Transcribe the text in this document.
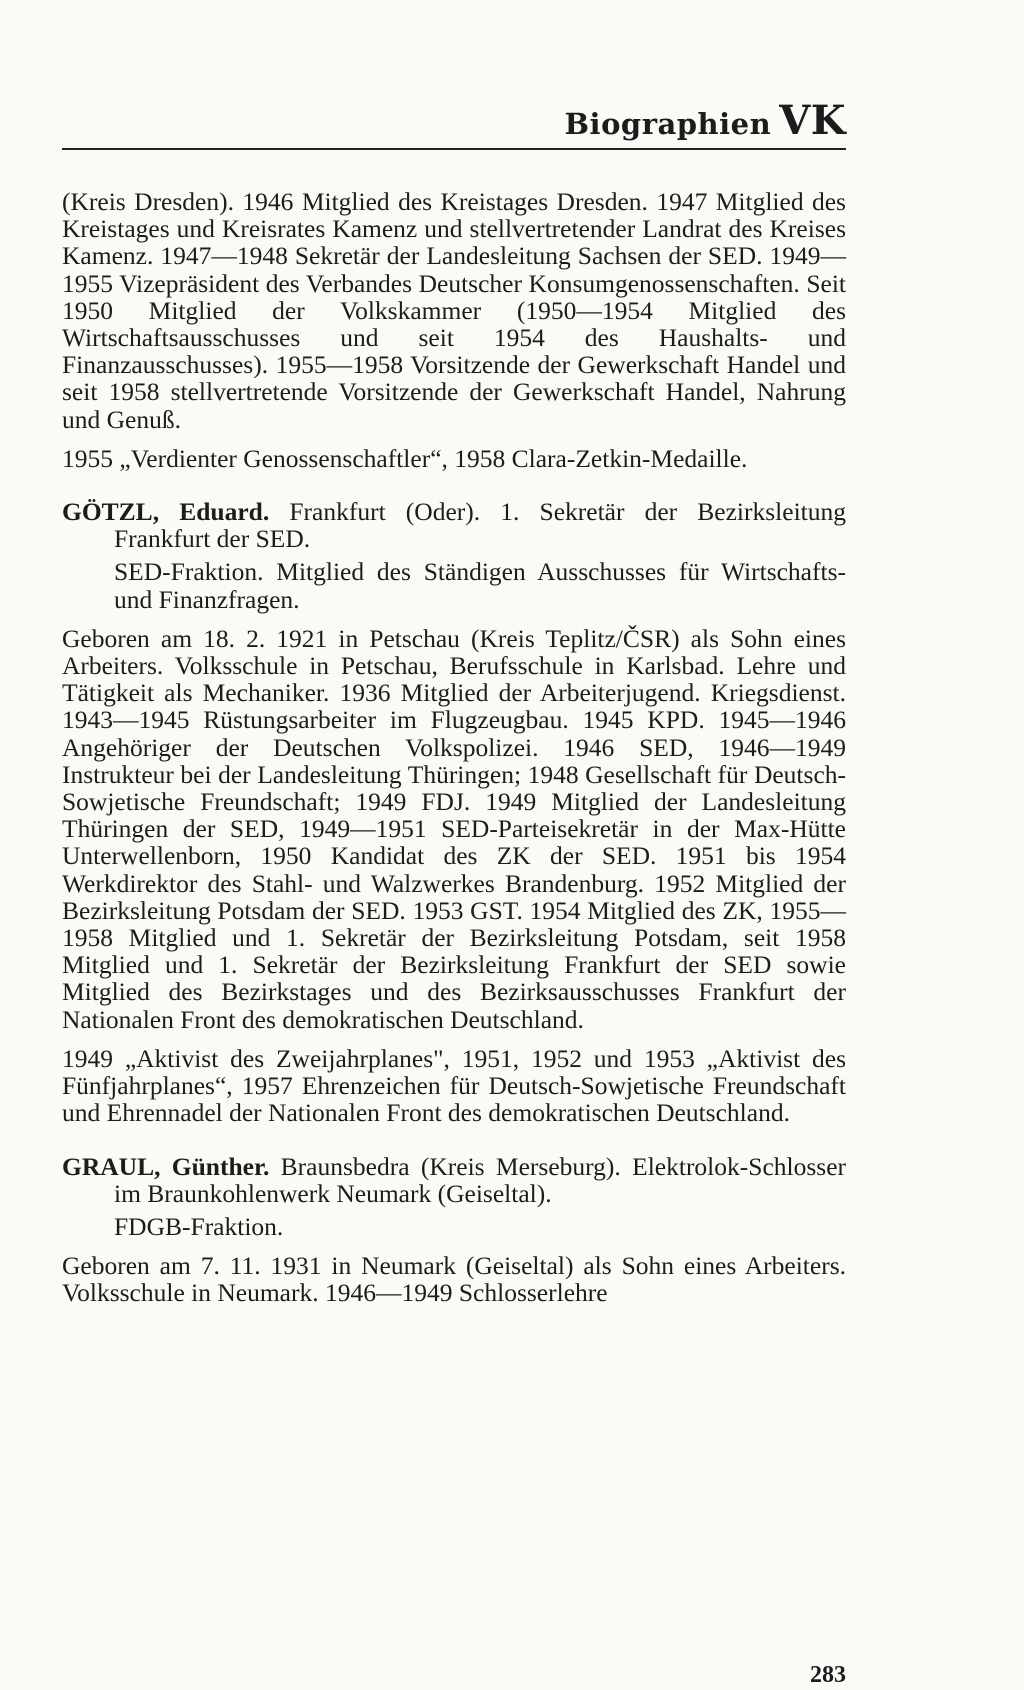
Biographien VK

(Kreis Dresden). 1946 Mitglied des Kreistages Dresden. 1947 Mitglied des Kreistages und Kreisrates Kamenz und stellvertretender Landrat des Kreises Kamenz. 1947—1948 Sekretär der Landesleitung Sachsen der SED. 1949—1955 Vizepräsident des Verbandes Deutscher Konsumgenossenschaften. Seit 1950 Mitglied der Volkskammer (1950—1954 Mitglied des Wirtschaftsausschusses und seit 1954 des Haushalts- und Finanzausschusses). 1955—1958 Vorsitzende der Gewerkschaft Handel und seit 1958 stellvertretende Vorsitzende der Gewerkschaft Handel, Nahrung und Genuß.

1955 „Verdienter Genossenschaftler“, 1958 Clara-Zetkin-Medaille.

GÖTZL, Eduard. Frankfurt (Oder). 1. Sekretär der Bezirksleitung Frankfurt der SED.

SED-Fraktion. Mitglied des Ständigen Ausschusses für Wirtschafts- und Finanzfragen.

Geboren am 18. 2. 1921 in Petschau (Kreis Teplitz/ČSR) als Sohn eines Arbeiters. Volksschule in Petschau, Berufsschule in Karlsbad. Lehre und Tätigkeit als Mechaniker. 1936 Mitglied der Arbeiterjugend. Kriegsdienst. 1943—1945 Rüstungsarbeiter im Flugzeugbau. 1945 KPD. 1945—1946 Angehöriger der Deutschen Volkspolizei. 1946 SED, 1946—1949 Instrukteur bei der Landesleitung Thüringen; 1948 Gesellschaft für Deutsch-Sowjetische Freundschaft; 1949 FDJ. 1949 Mitglied der Landesleitung Thüringen der SED, 1949—1951 SED-Parteisekretär in der Max-Hütte Unterwellenborn, 1950 Kandidat des ZK der SED. 1951 bis 1954 Werkdirektor des Stahl- und Walzwerkes Brandenburg. 1952 Mitglied der Bezirksleitung Potsdam der SED. 1953 GST. 1954 Mitglied des ZK, 1955—1958 Mitglied und 1. Sekretär der Bezirksleitung Potsdam, seit 1958 Mitglied und 1. Sekretär der Bezirksleitung Frankfurt der SED sowie Mitglied des Bezirkstages und des Bezirksausschusses Frankfurt der Nationalen Front des demokratischen Deutschland.

1949 „Aktivist des Zweijahrplanes", 1951, 1952 und 1953 „Aktivist des Fünfjahrplanes“, 1957 Ehrenzeichen für Deutsch-Sowjetische Freundschaft und Ehrennadel der Nationalen Front des demokratischen Deutschland.

GRAUL, Günther. Braunsbedra (Kreis Merseburg). Elektrolok-Schlosser im Braunkohlenwerk Neumark (Geiseltal).

FDGB-Fraktion.

Geboren am 7. 11. 1931 in Neumark (Geiseltal) als Sohn eines Arbeiters. Volksschule in Neumark. 1946—1949 Schlosserlehre

283
